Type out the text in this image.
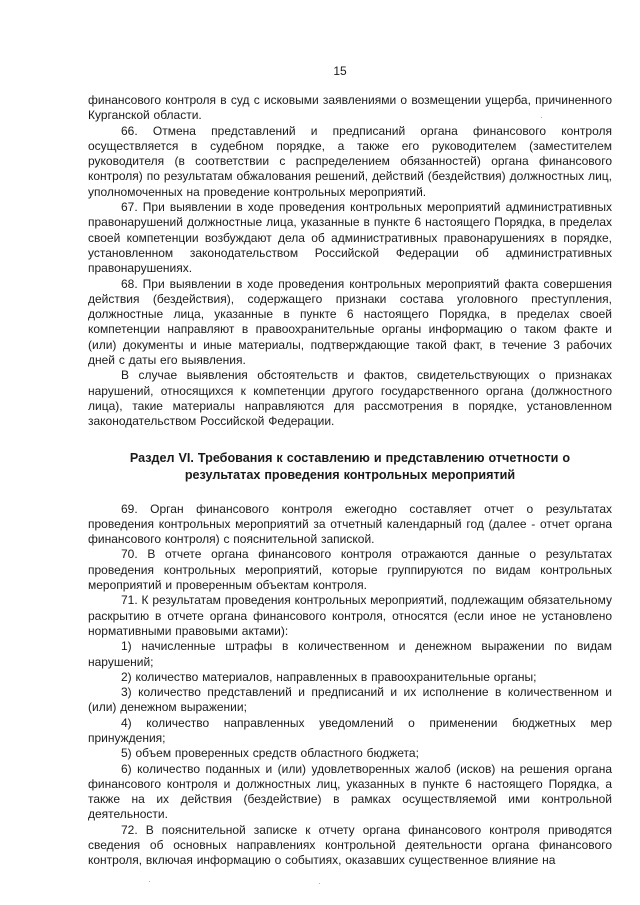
15

финансового контроля в суд с исковыми заявлениями о возмещении ущерба, причиненного Курганской области.

66. Отмена представлений и предписаний органа финансового контроля осуществляется в судебном порядке, а также его руководителем (заместителем руководителя (в соответствии с распределением обязанностей) органа финансового контроля) по результатам обжалования решений, действий (бездействия) должностных лиц, уполномоченных на проведение контрольных мероприятий.

67. При выявлении в ходе проведения контрольных мероприятий административных правонарушений должностные лица, указанные в пункте 6 настоящего Порядка, в пределах своей компетенции возбуждают дела об административных правонарушениях в порядке, установленном законодательством Российской Федерации об административных правонарушениях.

68. При выявлении в ходе проведения контрольных мероприятий факта совершения действия (бездействия), содержащего признаки состава уголовного преступления, должностные лица, указанные в пункте 6 настоящего Порядка, в пределах своей компетенции направляют в правоохранительные органы информацию о таком факте и (или) документы и иные материалы, подтверждающие такой факт, в течение 3 рабочих дней с даты его выявления.

В случае выявления обстоятельств и фактов, свидетельствующих о признаках нарушений, относящихся к компетенции другого государственного органа (должностного лица), такие материалы направляются для рассмотрения в порядке, установленном законодательством Российской Федерации.

Раздел VI. Требования к составлению и представлению отчетности о
результатах проведения контрольных мероприятий

69. Орган финансового контроля ежегодно составляет отчет о результатах проведения контрольных мероприятий за отчетный календарный год (далее - отчет органа финансового контроля) с пояснительной запиской.

70. В отчете органа финансового контроля отражаются данные о результатах проведения контрольных мероприятий, которые группируются по видам контрольных мероприятий и проверенным объектам контроля.

71. К результатам проведения контрольных мероприятий, подлежащим обязательному раскрытию в отчете органа финансового контроля, относятся (если иное не установлено нормативными правовыми актами):

1) начисленные штрафы в количественном и денежном выражении по видам нарушений;

2) количество материалов, направленных в правоохранительные органы;

3) количество представлений и предписаний и их исполнение в количественном и (или) денежном выражении;

4) количество направленных уведомлений о применении бюджетных мер принуждения;

5) объем проверенных средств областного бюджета;

6) количество поданных и (или) удовлетворенных жалоб (исков) на решения органа финансового контроля и должностных лиц, указанных в пункте 6 настоящего Порядка, а также на их действия (бездействие) в рамках осуществляемой ими контрольной деятельности.

72. В пояснительной записке к отчету органа финансового контроля приводятся сведения об основных направлениях контрольной деятельности органа финансового контроля, включая информацию о событиях, оказавших существенное влияние на

·
·	·
